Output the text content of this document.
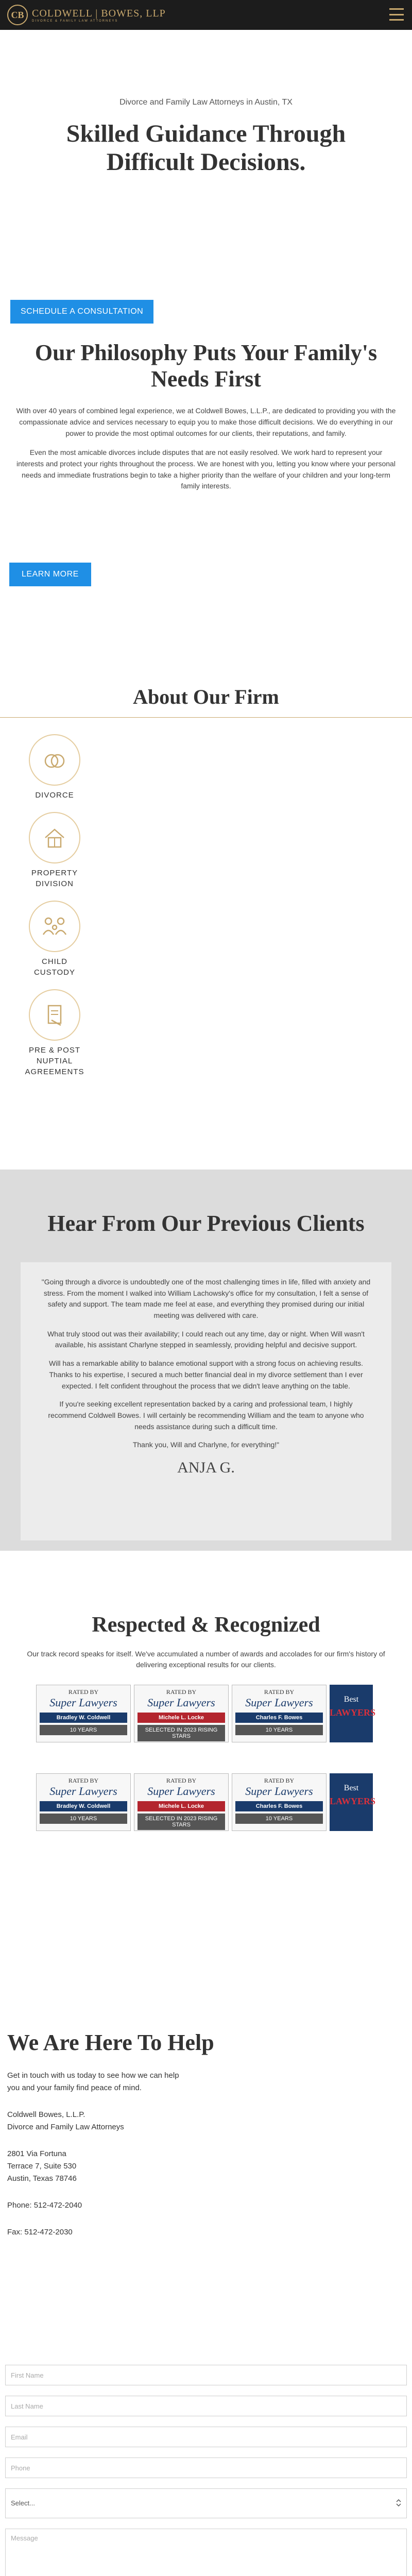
CB COLDWELL | BOWES, LLP
DIVORCE & FAMILY LAW ATTORNEYS
Divorce and Family Law Attorneys in Austin, TX
Skilled Guidance Through Difficult Decisions.
SCHEDULE A CONSULTATION
Our Philosophy Puts Your Family's Needs First

With over 40 years of combined legal experience, we at Coldwell Bowes, L.L.P., are dedicated to providing you with the compassionate advice and services necessary to equip you to make those difficult decisions. We do everything in our power to provide the most optimal outcomes for our clients, their reputations, and family.

Even the most amicable divorces include disputes that are not easily resolved. We work hard to represent your interests and protect your rights throughout the process. We are honest with you, letting you know where your personal needs and immediate frustrations begin to take a higher priority than the welfare of your children and your long-term family interests.

LEARN MORE
About Our Firm
DIVORCE
PROPERTY DIVISION
CHILD CUSTODY
PRE & POST NUPTIAL AGREEMENTS
Hear From Our Previous Clients

"Going through a divorce is undoubtedly one of the most challenging times in life, filled with anxiety and stress. From the moment I walked into William Lachowsky's office for my consultation, I felt a sense of safety and support. The team made me feel at ease, and everything they promised during our initial meeting was delivered with care.

What truly stood out was their availability; I could reach out any time, day or night. When Will wasn't available, his assistant Charlyne stepped in seamlessly, providing helpful and decisive support.

Will has a remarkable ability to balance emotional support with a strong focus on achieving results. Thanks to his expertise, I secured a much better financial deal in my divorce settlement than I ever expected. I felt confident throughout the process that we didn't leave anything on the table.

If you're seeking excellent representation backed by a caring and professional team, I highly recommend Coldwell Bowes. I will certainly be recommending William and the team to anyone who needs assistance during such a difficult time.

Thank you, Will and Charlyne, for everything!"

ANJA G.
Respected & Recognized

Our track record speaks for itself. We've accumulated a number of awards and accolades for our firm's history of delivering exceptional results for our clients.

RATED BY
Super Lawyers
Bradley W. Coldwell
10 YEARS
RATED BY
Super Lawyers
Michele L. Locke
SELECTED IN 2023 RISING STARS
RATED BY
Super Lawyers
Charles F. Bowes
10 YEARS
Best
LAWYERS
RATED BY
Super Lawyers
Bradley W. Coldwell
10 YEARS
RATED BY
Super Lawyers
Michele L. Locke
SELECTED IN 2023 RISING STARS
RATED BY
Super Lawyers
Charles F. Bowes
10 YEARS
Best
LAWYERS
We Are Here To Help
Get in touch with us today to see how we can help you and your family find peace of mind.
Coldwell Bowes, L.L.P.
Divorce and Family Law Attorneys
2801 Via Fortuna
Terrace 7, Suite 530
Austin, Texas 78746
Phone: 512-472-2040
Fax: 512-472-2030
First Name
Last Name
Email
Phone
Select...
Message
